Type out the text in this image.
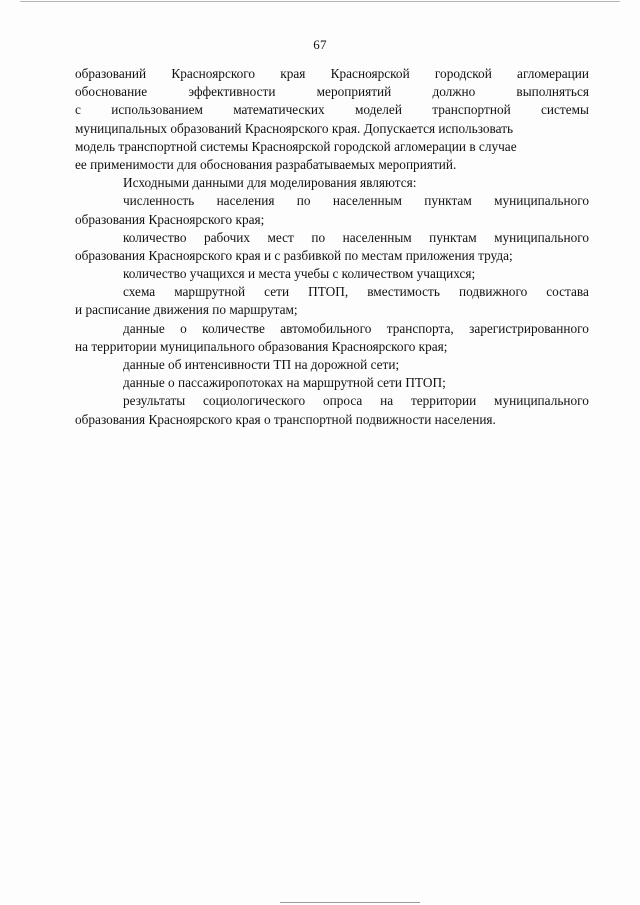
67
образований Красноярского края Красноярской городской агломерации
обоснование	эффективности	мероприятий	должно	выполняться
с использованием математических моделей транспортной системы
муниципальных образований Красноярского края. Допускается использовать
модель транспортной системы Красноярской городской агломерации в случае
ее применимости для обоснования разрабатываемых мероприятий.
Исходными данными для моделирования являются:
численность населения по населенным пунктам муниципального
образования Красноярского края;
количество рабочих мест по населенным пунктам муниципального
образования Красноярского края и с разбивкой по местам приложения труда;
количество учащихся и места учебы с количеством учащихся;
схема маршрутной сети ПТОП, вместимость подвижного состава
и расписание движения по маршрутам;
данные о количестве автомобильного транспорта, зарегистрированного
на территории муниципального образования Красноярского края;
данные об интенсивности ТП на дорожной сети;
данные о пассажиропотоках на маршрутной сети ПТОП;
результаты социологического опроса на территории муниципального
образования Красноярского края о транспортной подвижности населения.
